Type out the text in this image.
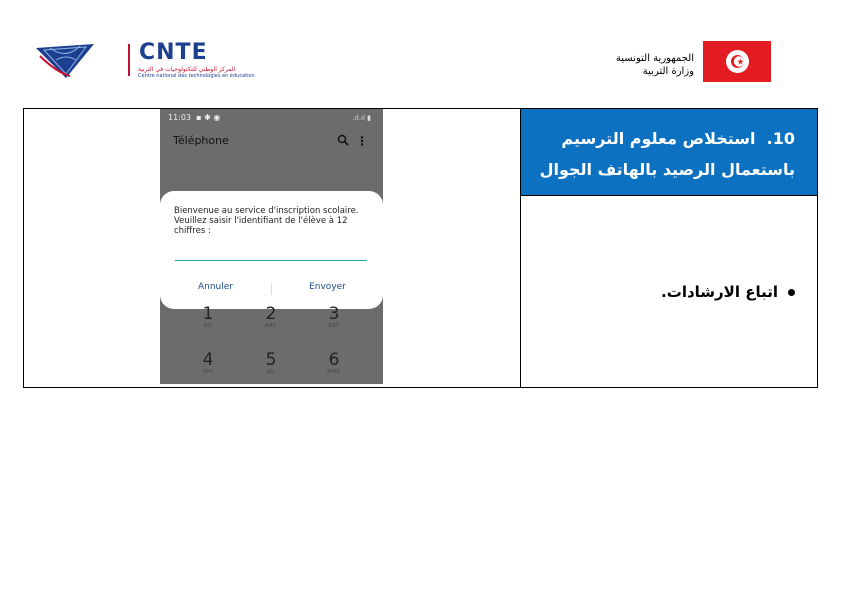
CNTE
المركز الوطني للتكنولوجيات في التربية
Centre national des technologies en éducation
الجمهورية التونسية
وزارة التربية
10.  استخلاص معلوم الترسيم باستعمال الرصيد بالهاتف الجوال
اتباع الارشادات.
11:03  ▪ ✱ ◉	.ıl.ıl ▮
Téléphone	⋮
Bienvenue au service d'inscription scolaire. Veuillez saisir l'identifiant de l'élève à 12 chiffres :
Annuler	Envoyer
1
GO
2
ABC
3
DEF
4
GHI
5
JKL
6
MNO
